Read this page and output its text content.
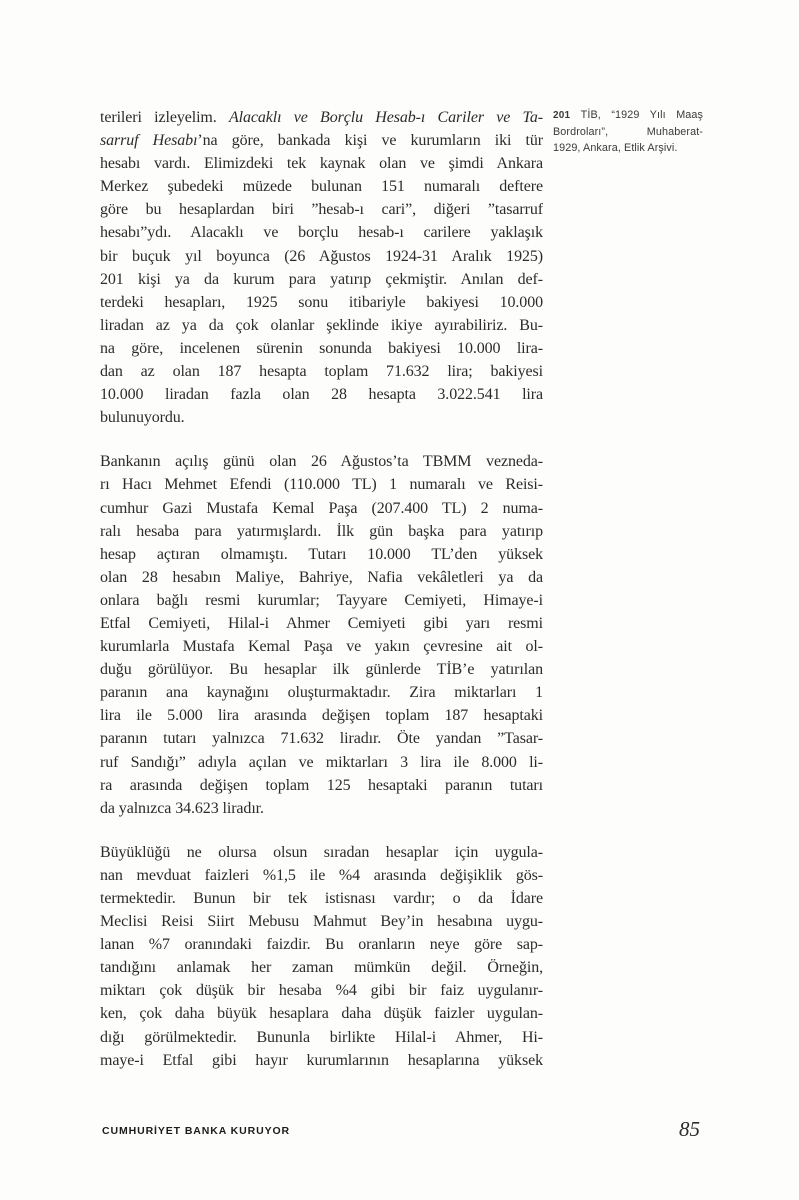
terileri izleyelim. Alacaklı ve Borçlu Hesab-ı Cariler ve Ta-
sarruf Hesabı’na göre, bankada kişi ve kurumların iki tür
hesabı vardı. Elimizdeki tek kaynak olan ve şimdi Ankara
Merkez şubedeki müzede bulunan 151 numaralı deftere
göre bu hesaplardan biri ”hesab-ı cari”, diğeri ”tasarruf
hesabı”ydı. Alacaklı ve borçlu hesab-ı carilere yaklaşık
bir buçuk yıl boyunca (26 Ağustos 1924-31 Aralık 1925)
201 kişi ya da kurum para yatırıp çekmiştir. Anılan def-
terdeki hesapları, 1925 sonu itibariyle bakiyesi 10.000
liradan az ya da çok olanlar şeklinde ikiye ayırabiliriz. Bu-
na göre, incelenen sürenin sonunda bakiyesi 10.000 lira-
dan az olan 187 hesapta toplam 71.632 lira; bakiyesi
10.000 liradan fazla olan 28 hesapta 3.022.541 lira
bulunuyordu.
Bankanın açılış günü olan 26 Ağustos’ta TBMM vezneda-
rı Hacı Mehmet Efendi (110.000 TL) 1 numaralı ve Reisi-
cumhur Gazi Mustafa Kemal Paşa (207.400 TL) 2 numa-
ralı hesaba para yatırmışlardı. İlk gün başka para yatırıp
hesap açtıran olmamıştı. Tutarı 10.000 TL’den yüksek
olan 28 hesabın Maliye, Bahriye, Nafia vekâletleri ya da
onlara bağlı resmi kurumlar; Tayyare Cemiyeti, Himaye-i
Etfal Cemiyeti, Hilal-i Ahmer Cemiyeti gibi yarı resmi
kurumlarla Mustafa Kemal Paşa ve yakın çevresine ait ol-
duğu görülüyor. Bu hesaplar ilk günlerde TİB’e yatırılan
paranın ana kaynağını oluşturmaktadır. Zira miktarları 1
lira ile 5.000 lira arasında değişen toplam 187 hesaptaki
paranın tutarı yalnızca 71.632 liradır. Öte yandan ”Tasar-
ruf Sandığı” adıyla açılan ve miktarları 3 lira ile 8.000 li-
ra arasında değişen toplam 125 hesaptaki paranın tutarı
da yalnızca 34.623 liradır.
Büyüklüğü ne olursa olsun sıradan hesaplar için uygula-
nan mevduat faizleri %1,5 ile %4 arasında değişiklik gös-
termektedir. Bunun bir tek istisnası vardır; o da İdare
Meclisi Reisi Siirt Mebusu Mahmut Bey’in hesabına uygu-
lanan %7 oranındaki faizdir. Bu oranların neye göre sap-
tandığını anlamak her zaman mümkün değil. Örneğin,
miktarı çok düşük bir hesaba %4 gibi bir faiz uygulanır-
ken, çok daha büyük hesaplara daha düşük faizler uygulan-
dığı görülmektedir. Bununla birlikte Hilal-i Ahmer, Hi-
maye-i Etfal gibi hayır kurumlarının hesaplarına yüksek
201 TİB, “1929 Yılı Maaş
Bordroları”, Muhaberat-
1929, Ankara, Etlik Arşivi.
CUMHURİYET BANKA KURUYOR	85
